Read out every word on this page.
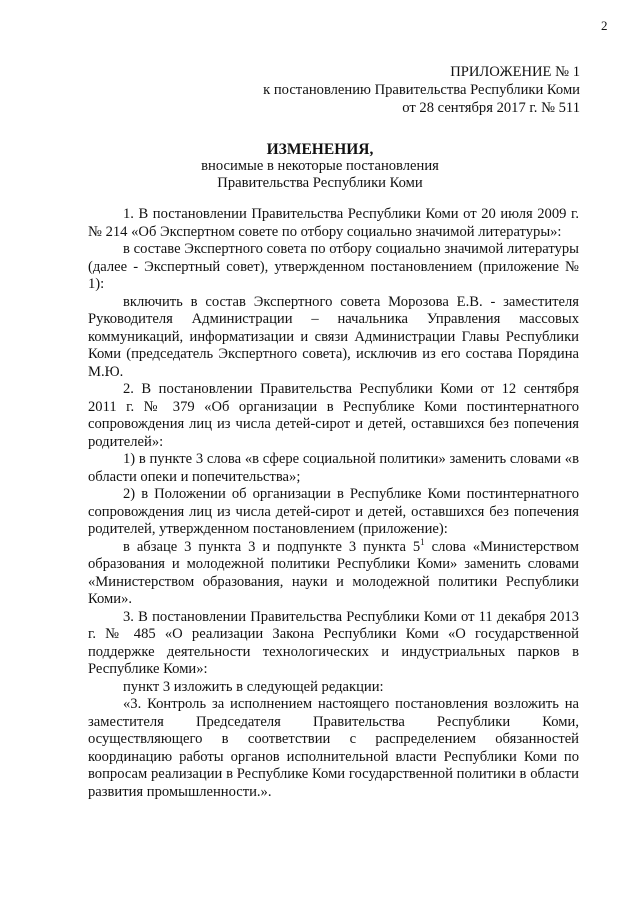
2
ПРИЛОЖЕНИЕ № 1
к постановлению Правительства Республики Коми
от 28 сентября 2017 г. № 511
ИЗМЕНЕНИЯ,
вносимые в некоторые постановления
Правительства Республики Коми

1. В постановлении Правительства Республики Коми от 20 июля 2009 г. № 214 «Об Экспертном совете по отбору социально значимой литературы»:

в составе Экспертного совета по отбору социально значимой литературы (далее - Экспертный совет), утвержденном постановлением (приложение № 1):

включить в состав Экспертного совета Морозова Е.В. - заместителя Руководителя Администрации – начальника Управления массовых коммуникаций, информатизации и связи Администрации Главы Республики Коми (председатель Экспертного совета), исключив из его состава Порядина М.Ю.

2. В постановлении Правительства Республики Коми от 12 сентября 2011 г. № 379 «Об организации в Республике Коми постинтернатного сопровождения лиц из числа детей-сирот и детей, оставшихся без попечения родителей»:

1) в пункте 3 слова «в сфере социальной политики» заменить словами «в области опеки и попечительства»;

2) в Положении об организации в Республике Коми постинтернатного сопровождения лиц из числа детей-сирот и детей, оставшихся без попечения родителей, утвержденном постановлением (приложение):

в абзаце 3 пункта 3 и подпункте 3 пункта $5^1$ слова «Министерством образования и молодежной политики Республики Коми» заменить словами «Министерством образования, науки и молодежной политики Республики Коми».

3. В постановлении Правительства Республики Коми от 11 декабря 2013 г. № 485 «О реализации Закона Республики Коми «О государственной поддержке деятельности технологических и индустриальных парков в Республике Коми»:

пункт 3 изложить в следующей редакции:

«3. Контроль за исполнением настоящего постановления возложить на заместителя Председателя Правительства Республики Коми, осуществляющего в соответствии с распределением обязанностей координацию работы органов исполнительной власти Республики Коми по вопросам реализации в Республике Коми государственной политики в области развития промышленности.».
